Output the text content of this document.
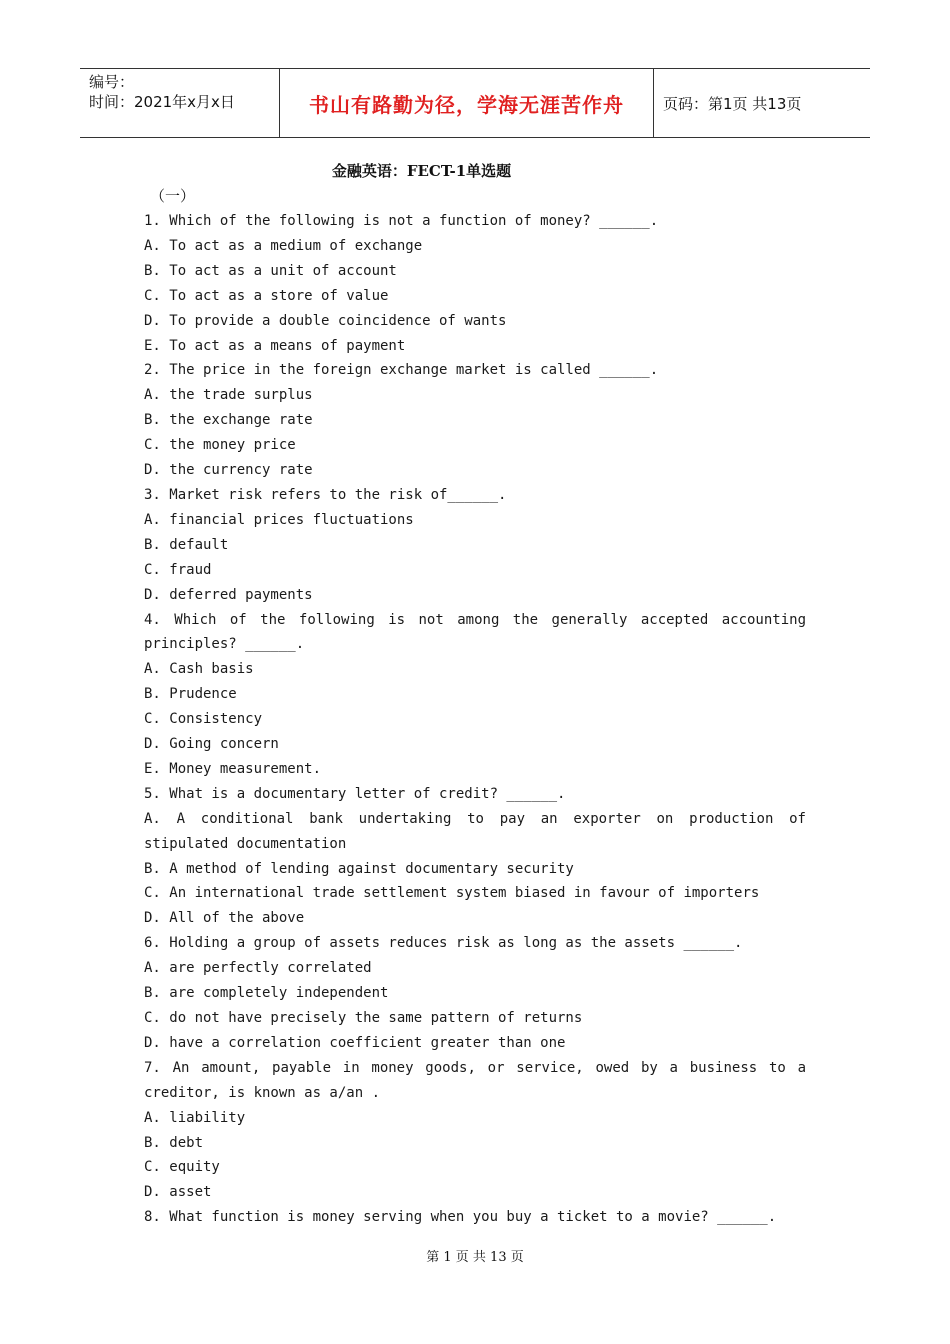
编号：
时间：2021年x月x日	书山有路勤为径，学海无涯苦作舟	页码：第1页 共13页
金融英语：FECT-1单选题
（一）
1. Which of the following is not a function of money? ______.
A. To act as a medium of exchange
B. To act as a unit of account
C. To act as a store of value
D. To provide a double coincidence of wants
E. To act as a means of payment
2. The price in the foreign exchange market is called ______.
A. the trade surplus
B. the exchange rate
C. the money price
D. the currency rate
3. Market risk refers to the risk of______.
A. financial prices fluctuations
B. default
C. fraud
D. deferred payments
4. Which of the following is not among the generally accepted accounting principles? ______.
A. Cash basis
B. Prudence
C. Consistency
D. Going concern
E. Money measurement.
5. What is a documentary letter of credit? ______.
A. A conditional bank undertaking to pay an exporter on production of stipulated documentation
B. A method of lending against documentary security
C. An international trade settlement system biased in favour of importers
D. All of the above
6. Holding a group of assets reduces risk as long as the assets ______.
A. are perfectly correlated
B. are completely independent
C. do not have precisely the same pattern of returns
D. have a correlation coefficient greater than one
7. An amount, payable in money goods, or service, owed by a business to a creditor, is known as a/an .
A. liability
B. debt
C. equity
D. asset
8. What function is money serving when you buy a ticket to a movie? ______.
第 1 页 共 13 页
